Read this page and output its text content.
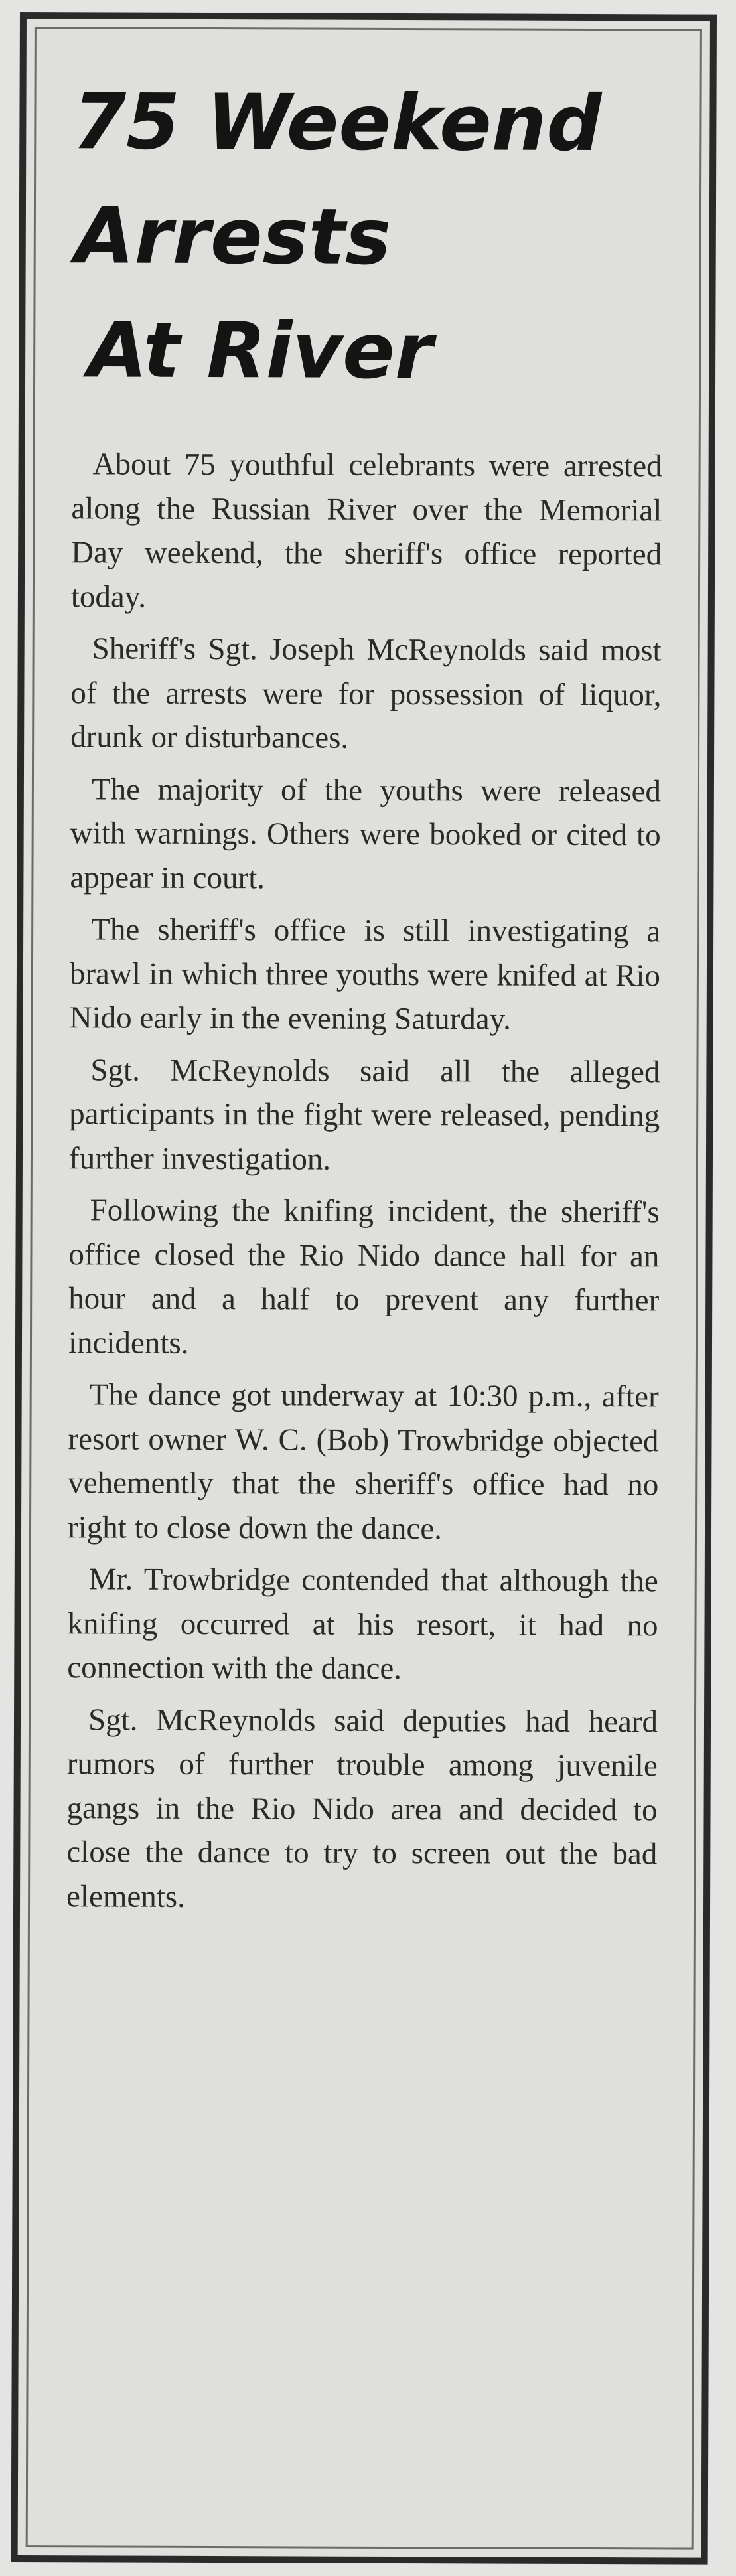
75 Weekend
Arrests
At River

About 75 youthful celebrants were arrested along the Russian River over the Memorial Day weekend, the sheriff's office reported today.

Sheriff's Sgt. Joseph McReynolds said most of the arrests were for possession of liquor, drunk or disturbances.

The majority of the youths were released with warnings. Others were booked or cited to appear in court.

The sheriff's office is still investigating a brawl in which three youths were knifed at Rio Nido early in the evening Saturday.

Sgt. McReynolds said all the alleged participants in the fight were released, pending further investigation.

Following the knifing incident, the sheriff's office closed the Rio Nido dance hall for an hour and a half to prevent any further incidents.

The dance got underway at 10:30 p.m., after resort owner W. C. (Bob) Trowbridge objected vehemently that the sheriff's office had no right to close down the dance.

Mr. Trowbridge contended that although the knifing occurred at his resort, it had no connection with the dance.

Sgt. McReynolds said deputies had heard rumors of further trouble among juvenile gangs in the Rio Nido area and decided to close the dance to try to screen out the bad elements.
